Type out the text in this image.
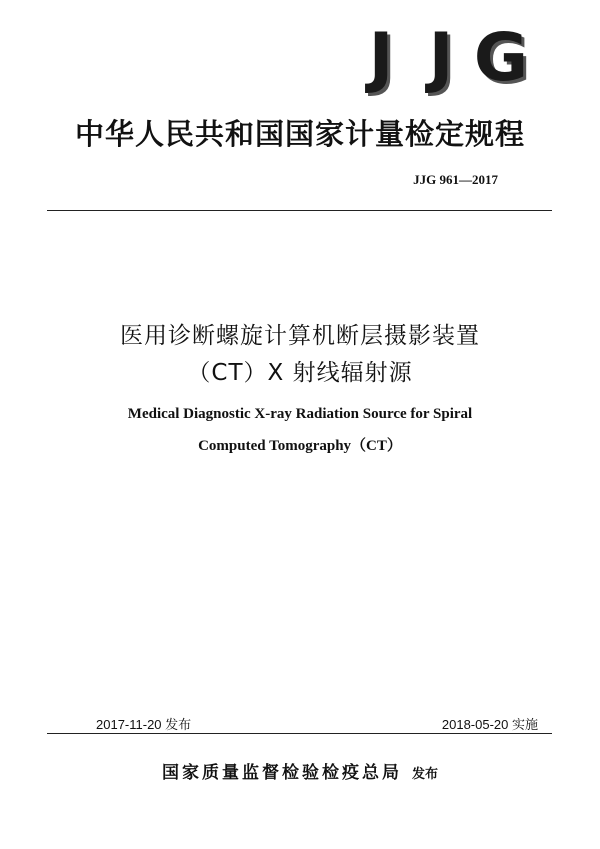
J J G
中华人民共和国国家计量检定规程
JJG 961—2017
医用诊断螺旋计算机断层摄影装置
（CT）X 射线辐射源
Medical Diagnostic X-ray Radiation Source for Spiral
Computed Tomography（CT）
2017-11-20 发布	2018-05-20 实施
国家质量监督检验检疫总局 发布
